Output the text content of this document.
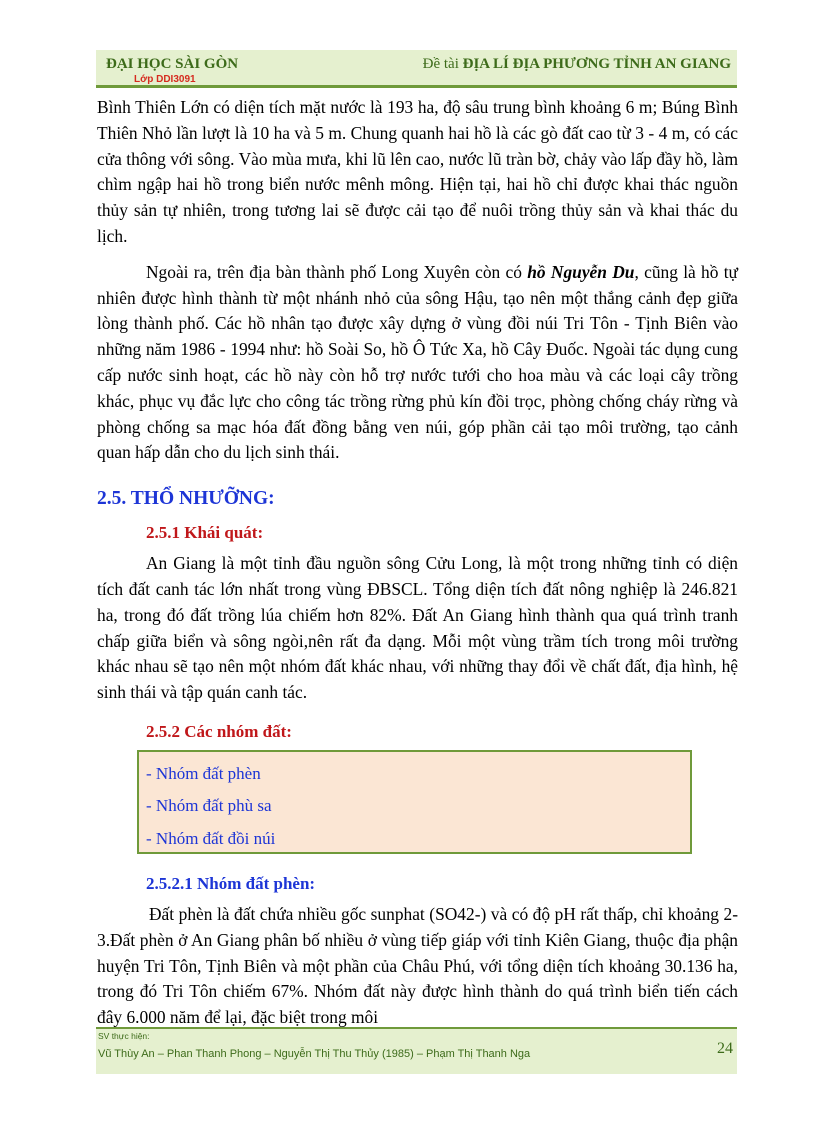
ĐẠI HỌC SÀI GÒN
Lớp DDI3091
Đề tài ĐỊA LÍ ĐỊA PHƯƠNG TỈNH AN GIANG

Bình Thiên Lớn có diện tích mặt nước là 193 ha, độ sâu trung bình khoảng 6 m; Búng Bình Thiên Nhỏ lần lượt là 10 ha và 5 m. Chung quanh hai hồ là các gò đất cao từ 3 - 4 m, có các cửa thông với sông. Vào mùa mưa, khi lũ lên cao, nước lũ tràn bờ, chảy vào lấp đầy hồ, làm chìm ngập hai hồ trong biển nước mênh mông. Hiện tại, hai hồ chỉ được khai thác nguồn thủy sản tự nhiên, trong tương lai sẽ được cải tạo để nuôi trồng thủy sản và khai thác du lịch.

Ngoài ra, trên địa bàn thành phố Long Xuyên còn có hồ Nguyễn Du, cũng là hồ tự nhiên được hình thành từ một nhánh nhỏ của sông Hậu, tạo nên một thắng cảnh đẹp giữa lòng thành phố. Các hồ nhân tạo được xây dựng ở vùng đồi núi Tri Tôn - Tịnh Biên vào những năm 1986 - 1994 như: hồ Soài So, hồ Ô Tức Xa, hồ Cây Đuốc. Ngoài tác dụng cung cấp nước sinh hoạt, các hồ này còn hỗ trợ nước tưới cho hoa màu và các loại cây trồng khác, phục vụ đắc lực cho công tác trồng rừng phủ kín đồi trọc, phòng chống cháy rừng và phòng chống sa mạc hóa đất đồng bằng ven núi, góp phần cải tạo môi trường, tạo cảnh quan hấp dẫn cho du lịch sinh thái.

2.5. THỔ NHƯỠNG:
2.5.1 Khái quát:

An Giang là một tỉnh đầu nguồn sông Cửu Long, là một trong những tỉnh có diện tích đất canh tác lớn nhất trong vùng ĐBSCL. Tổng diện tích đất nông nghiệp là 246.821 ha, trong đó đất trồng lúa chiếm hơn 82%. Đất An Giang hình thành qua quá trình tranh chấp giữa biển và sông ngòi,nên rất đa dạng. Mỗi một vùng trầm tích trong môi trường khác nhau sẽ tạo nên một nhóm đất khác nhau, với những thay đổi về chất đất, địa hình, hệ sinh thái và tập quán canh tác.

2.5.2 Các nhóm đất:
- Nhóm đất phèn
- Nhóm đất phù sa
- Nhóm đất đồi núi
2.5.2.1 Nhóm đất phèn:

Đất phèn là đất chứa nhiều gốc sunphat (SO42-) và có độ pH rất thấp, chỉ khoảng 2-3.Đất phèn ở An Giang phân bố nhiều ở vùng tiếp giáp với tỉnh Kiên Giang, thuộc địa phận huyện Tri Tôn, Tịnh Biên và một phần của Châu Phú, với tổng diện tích khoảng 30.136 ha, trong đó Tri Tôn chiếm 67%. Nhóm đất này được hình thành do quá trình biển tiến cách đây 6.000 năm để lại, đặc biệt trong môi

SV thực hiện:
Vũ Thùy An – Phan Thanh Phong – Nguyễn Thị Thu Thủy (1985) – Phạm Thị Thanh Nga	24
